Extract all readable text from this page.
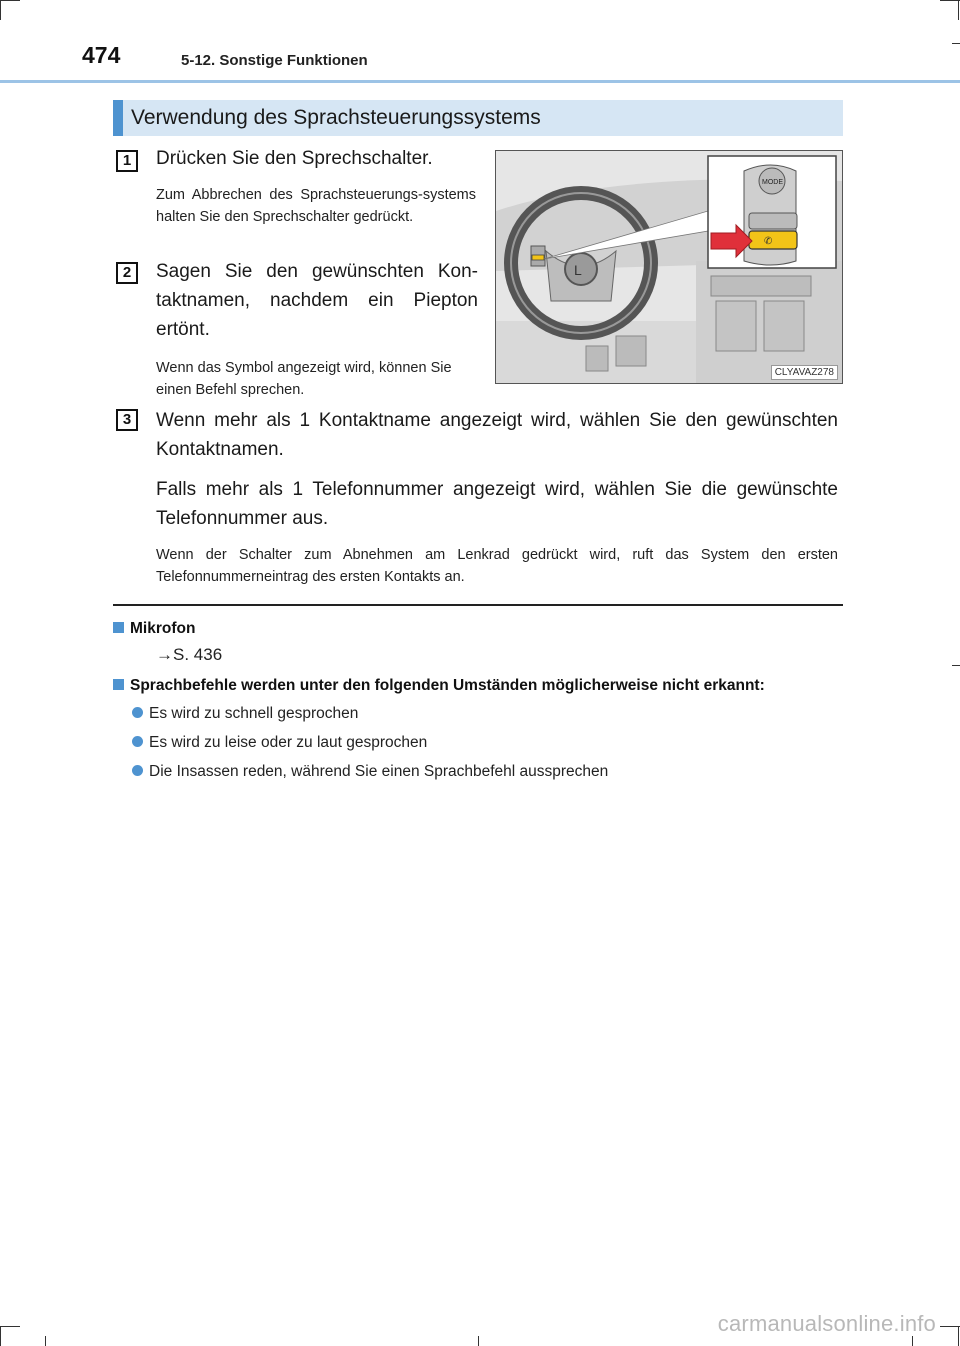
474	5-12. Sonstige Funktionen
Verwendung des Sprachsteuerungssystems
1	Drücken Sie den Sprechschalter.
Zum Abbrechen des Sprachsteuerungs-systems halten Sie den Sprechschalter gedrückt.
2	Sagen Sie den gewünschten Kon-taktnamen, nachdem ein Piepton ertönt.
Wenn das Symbol angezeigt wird, können Sie einen Befehl sprechen.
L
MODE
✆
CLYAVAZ278
3	Wenn mehr als 1 Kontaktname angezeigt wird, wählen Sie den gewünschten Kontaktnamen.
Falls mehr als 1 Telefonnummer angezeigt wird, wählen Sie die gewünschte Telefonnummer aus.
Wenn der Schalter zum Abnehmen am Lenkrad gedrückt wird, ruft das System den ersten Telefonnummerneintrag des ersten Kontakts an.
Mikrofon
→S. 436
Sprachbefehle werden unter den folgenden Umständen möglicherweise nicht erkannt:
Es wird zu schnell gesprochen
Es wird zu leise oder zu laut gesprochen
Die Insassen reden, während Sie einen Sprachbefehl aussprechen
carmanualsonline.info
